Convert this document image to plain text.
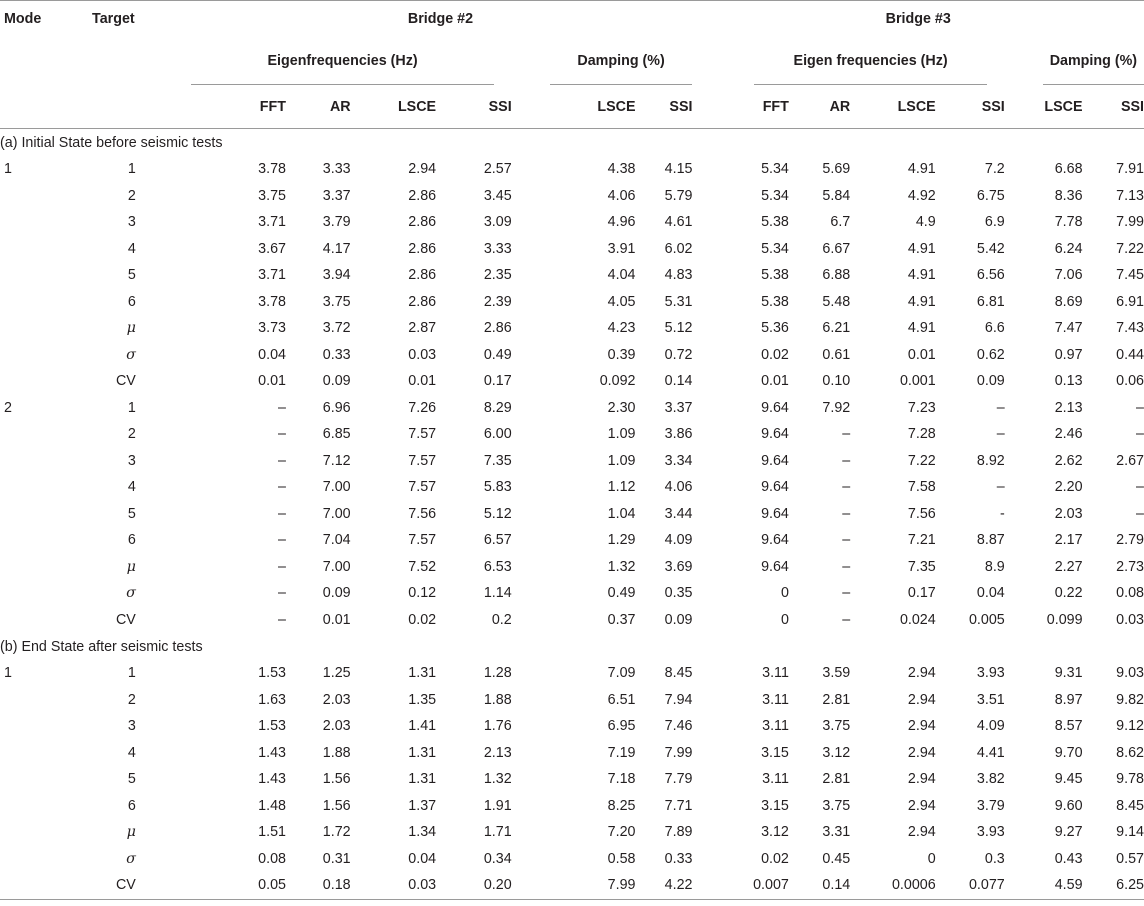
Mode	Target		Bridge #2						Bridge #3					

			Eigenfrequencies (Hz)				Damping (%)		Eigen frequencies (Hz)				Damping (%)	

			FFT	AR	LSCE	SSI	LSCE	SSI	FFT	AR	LSCE	SSI	LSCE	SSI
(a) Initial State before seismic tests														
1	1		3.78	3.33	2.94	2.57	4.38	4.15	5.34	5.69	4.91	7.2	6.68	7.91
	2		3.75	3.37	2.86	3.45	4.06	5.79	5.34	5.84	4.92	6.75	8.36	7.13
	3		3.71	3.79	2.86	3.09	4.96	4.61	5.38	6.7	4.9	6.9	7.78	7.99
	4		3.67	4.17	2.86	3.33	3.91	6.02	5.34	6.67	4.91	5.42	6.24	7.22
	5		3.71	3.94	2.86	2.35	4.04	4.83	5.38	6.88	4.91	6.56	7.06	7.45
	6		3.78	3.75	2.86	2.39	4.05	5.31	5.38	5.48	4.91	6.81	8.69	6.91
	μ		3.73	3.72	2.87	2.86	4.23	5.12	5.36	6.21	4.91	6.6	7.47	7.43
	σ		0.04	0.33	0.03	0.49	0.39	0.72	0.02	0.61	0.01	0.62	0.97	0.44
	CV		0.01	0.09	0.01	0.17	0.092	0.14	0.01	0.10	0.001	0.09	0.13	0.06
2	1		–	6.96	7.26	8.29	2.30	3.37	9.64	7.92	7.23	–	2.13	–
	2		–	6.85	7.57	6.00	1.09	3.86	9.64	–	7.28	–	2.46	–
	3		–	7.12	7.57	7.35	1.09	3.34	9.64	–	7.22	8.92	2.62	2.67
	4		–	7.00	7.57	5.83	1.12	4.06	9.64	–	7.58	–	2.20	–
	5		–	7.00	7.56	5.12	1.04	3.44	9.64	–	7.56	-	2.03	–
	6		–	7.04	7.57	6.57	1.29	4.09	9.64	–	7.21	8.87	2.17	2.79
	μ		–	7.00	7.52	6.53	1.32	3.69	9.64	–	7.35	8.9	2.27	2.73
	σ		–	0.09	0.12	1.14	0.49	0.35	0	–	0.17	0.04	0.22	0.08
	CV		–	0.01	0.02	0.2	0.37	0.09	0	–	0.024	0.005	0.099	0.03
(b) End State after seismic tests														
1	1		1.53	1.25	1.31	1.28	7.09	8.45	3.11	3.59	2.94	3.93	9.31	9.03
	2		1.63	2.03	1.35	1.88	6.51	7.94	3.11	2.81	2.94	3.51	8.97	9.82
	3		1.53	2.03	1.41	1.76	6.95	7.46	3.11	3.75	2.94	4.09	8.57	9.12
	4		1.43	1.88	1.31	2.13	7.19	7.99	3.15	3.12	2.94	4.41	9.70	8.62
	5		1.43	1.56	1.31	1.32	7.18	7.79	3.11	2.81	2.94	3.82	9.45	9.78
	6		1.48	1.56	1.37	1.91	8.25	7.71	3.15	3.75	2.94	3.79	9.60	8.45
	μ		1.51	1.72	1.34	1.71	7.20	7.89	3.12	3.31	2.94	3.93	9.27	9.14
	σ		0.08	0.31	0.04	0.34	0.58	0.33	0.02	0.45	0	0.3	0.43	0.57
	CV		0.05	0.18	0.03	0.20	7.99	4.22	0.007	0.14	0.0006	0.077	4.59	6.25
